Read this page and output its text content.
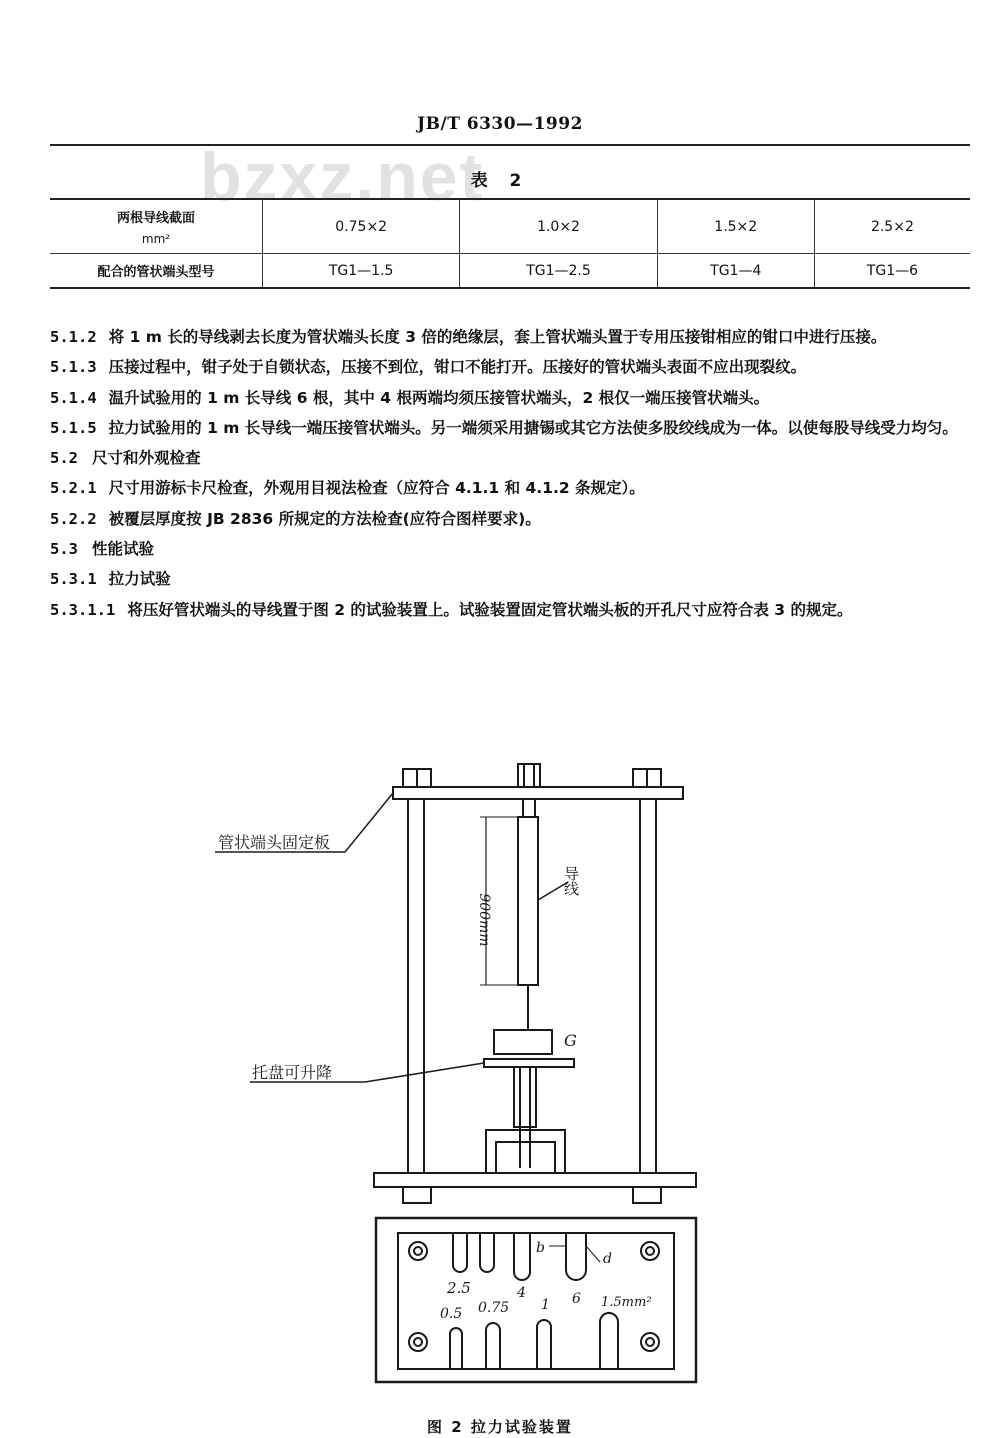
JB/T 6330—1992
bzxz.net
表 2
两根导线截面
mm²	0.75×2	1.0×2	1.5×2	2.5×2
配合的管状端头型号	TG1—1.5	TG1—2.5	TG1—4	TG1—6

5.1.2 将 1 m 长的导线剥去长度为管状端头长度 3 倍的绝缘层，套上管状端头置于专用压接钳相应的钳口中进行压接。

5.1.3 压接过程中，钳子处于自锁状态，压接不到位，钳口不能打开。压接好的管状端头表面不应出现裂纹。

5.1.4 温升试验用的 1 m 长导线 6 根，其中 4 根两端均须压接管状端头，2 根仅一端压接管状端头。

5.1.5 拉力试验用的 1 m 长导线一端压接管状端头。另一端须采用搪锡或其它方法使多股绞线成为一体。以使每股导线受力均匀。

5.2 尺寸和外观检查

5.2.1 尺寸用游标卡尺检查，外观用目视法检查（应符合 4.1.1 和 4.1.2 条规定）。

5.2.2 被覆层厚度按 JB 2836 所规定的方法检查(应符合图样要求)。

5.3 性能试验

5.3.1 拉力试验

5.3.1.1 将压好管状端头的导线置于图 2 的试验装置上。试验装置固定管状端头板的开孔尺寸应符合表 3 的规定。

管状端头固定板
托盘可升降
导线
G
900mm
b
d
2.5	4	6
0.5 0.75 1	1.5mm²
图 2 拉力试验装置
